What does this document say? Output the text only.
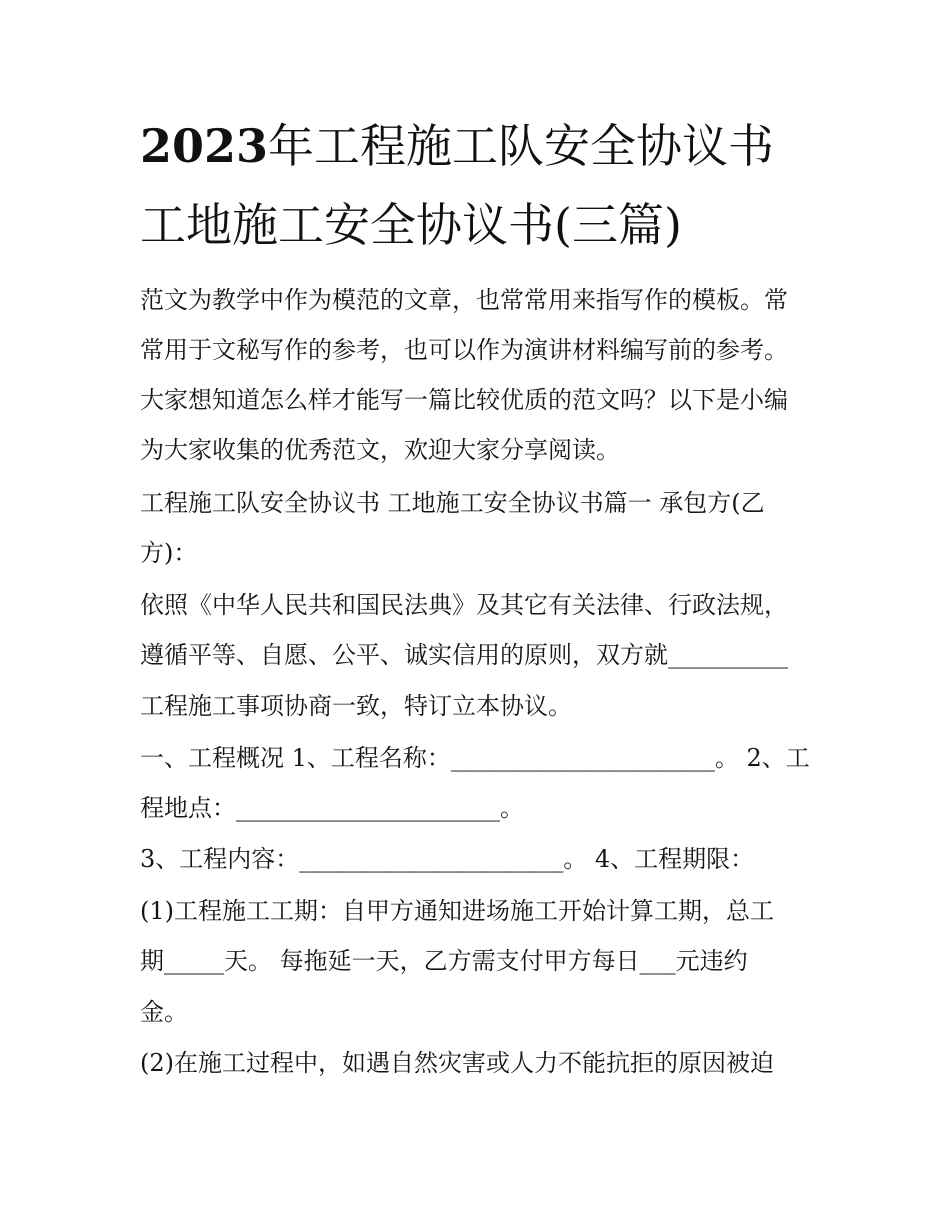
2023年工程施工队安全协议书
工地施工安全协议书(三篇)
范文为教学中作为模范的文章，也常常用来指写作的模板。常
常用于文秘写作的参考，也可以作为演讲材料编写前的参考。
大家想知道怎么样才能写一篇比较优质的范文吗？以下是小编
为大家收集的优秀范文，欢迎大家分享阅读。
工程施工队安全协议书 工地施工安全协议书篇一 承包方(乙
方)：
依照《中华人民共和国民法典》及其它有关法律、行政法规，
遵循平等、自愿、公平、诚实信用的原则，双方就__________
工程施工事项协商一致，特订立本协议。
一、工程概况 1、工程名称：______________________。 2、工
程地点：______________________。
3、工程内容：______________________。 4、工程期限：
(1)工程施工工期：自甲方通知进场施工开始计算工期，总工
期_____天。 每拖延一天，乙方需支付甲方每日___元违约
金。
(2)在施工过程中，如遇自然灾害或人力不能抗拒的原因被迫
